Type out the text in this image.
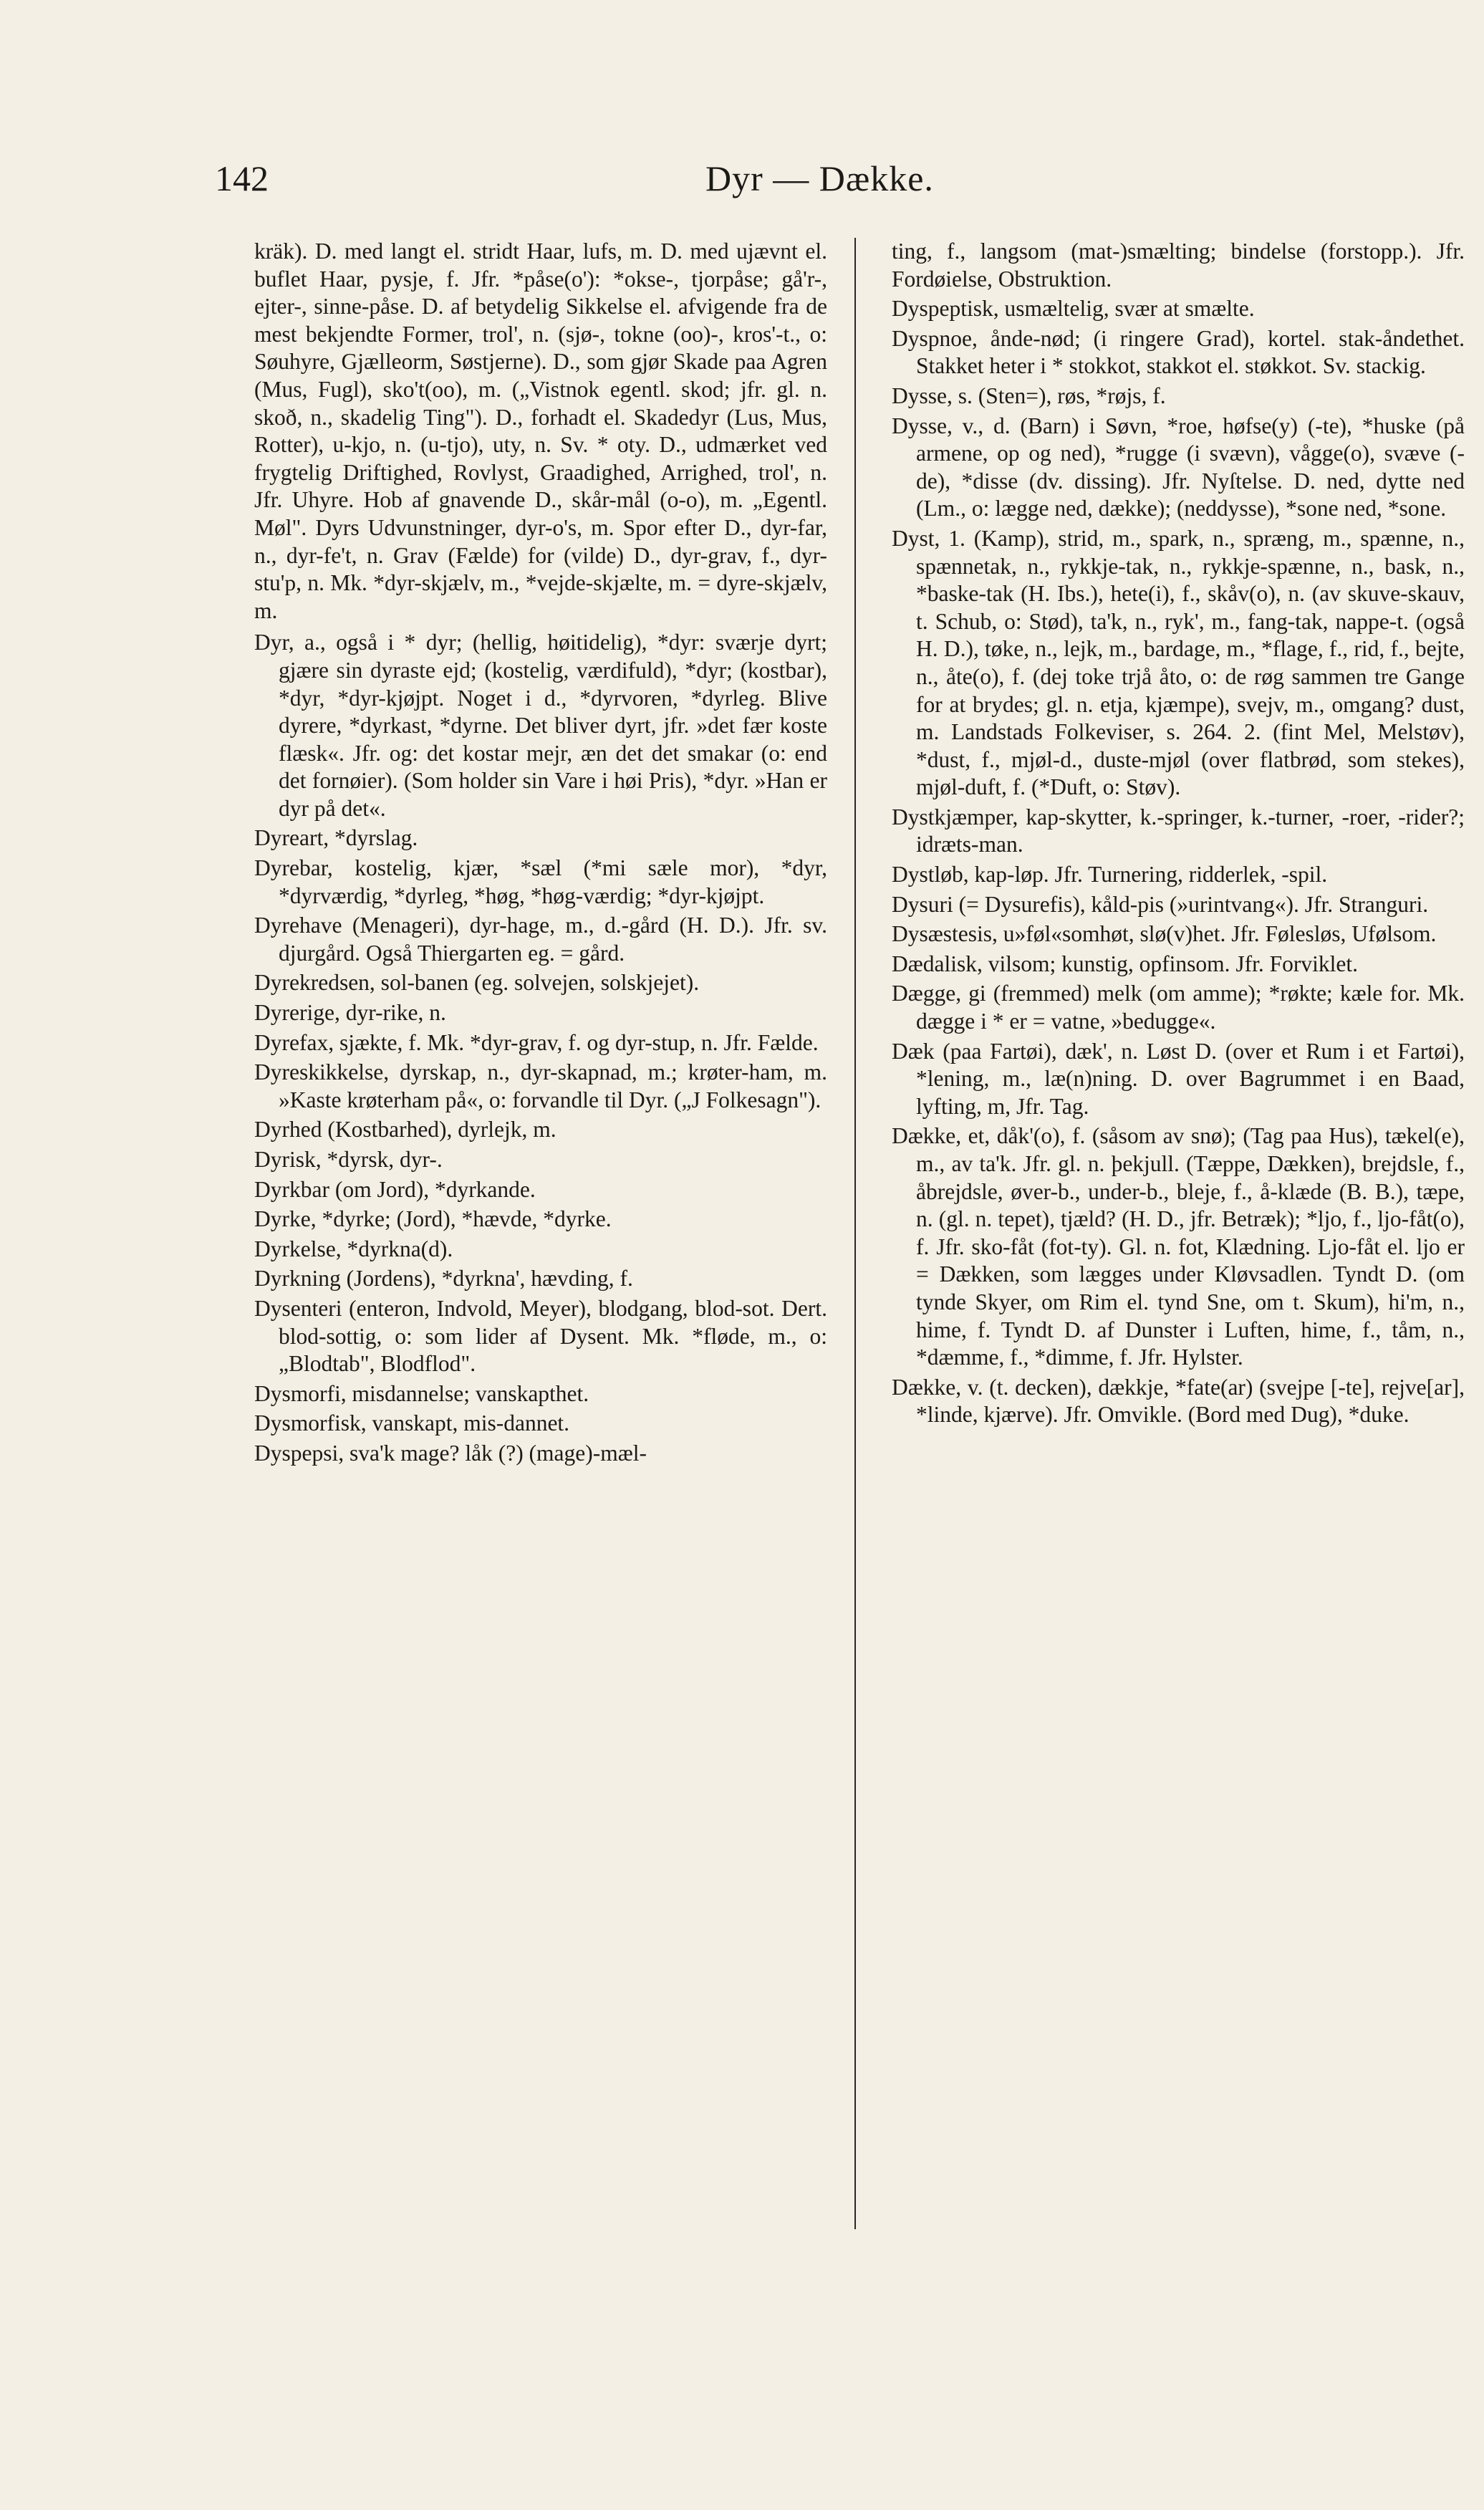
142	Dyr — Dække.

kräk). D. med langt el. stridt Haar, lufs, m. D. med ujævnt el. buflet Haar, pysje, f. Jfr. *påse(o'): *okse-, tjorpåse; gå'r-, ejter-, sinne-påse. D. af betydelig Sikkelse el. afvigende fra de mest bekjendte Former, trol', n. (sjø-, tokne (oo)-, kros'-t., o: Søuhyre, Gjælleorm, Søstjerne). D., som gjør Skade paa Agren (Mus, Fugl), sko't(oo), m. („Vistnok egentl. skod; jfr. gl. n. skoð, n., skadelig Ting"). D., forhadt el. Skadedyr (Lus, Mus, Rotter), u-kjo, n. (u-tjo), uty, n. Sv. * oty. D., udmærket ved frygtelig Driftighed, Rovlyst, Graadighed, Arrighed, trol', n. Jfr. Uhyre. Hob af gnavende D., skår-mål (o-o), m. „Egentl. Møl". Dyrs Udvunstninger, dyr-o's, m. Spor efter D., dyr-far, n., dyr-fe't, n. Grav (Fælde) for (vilde) D., dyr-grav, f., dyr-stu'p, n. Mk. *dyr-skjælv, m., *vejde-skjælte, m. = dyre-skjælv, m.

Dyr, a., også i * dyr; (hellig, høitidelig), *dyr: sværje dyrt; gjære sin dyraste ejd; (kostelig, værdifuld), *dyr; (kostbar), *dyr, *dyr-kjøjpt. Noget i d., *dyrvoren, *dyrleg. Blive dyrere, *dyrkast, *dyrne. Det bliver dyrt, jfr. »det fær koste flæsk«. Jfr. og: det kostar mejr, æn det det smakar (o: end det fornøier). (Som holder sin Vare i høi Pris), *dyr. »Han er dyr på det«.

Dyreart, *dyrslag.

Dyrebar, kostelig, kjær, *sæl (*mi sæle mor), *dyr, *dyrværdig, *dyrleg, *høg, *høg-værdig; *dyr-kjøjpt.

Dyrehave (Menageri), dyr-hage, m., d.-gård (H. D.). Jfr. sv. djurgård. Også Thiergarten eg. = gård.

Dyrekredsen, sol-banen (eg. solvejen, solskjejet).

Dyrerige, dyr-rike, n.

Dyrefax, sjækte, f. Mk. *dyr-grav, f. og dyr-stup, n. Jfr. Fælde.

Dyreskikkelse, dyrskap, n., dyr-skapnad, m.; krøter-ham, m. »Kaste krøterham på«, o: forvandle til Dyr. („J Folkesagn").

Dyrhed (Kostbarhed), dyrlejk, m.

Dyrisk, *dyrsk, dyr-.

Dyrkbar (om Jord), *dyrkande.

Dyrke, *dyrke; (Jord), *hævde, *dyrke.

Dyrkelse, *dyrkna(d).

Dyrkning (Jordens), *dyrkna', hævding, f.

Dysenteri (enteron, Indvold, Meyer), blodgang, blod-sot. Dert. blod-sottig, o: som lider af Dysent. Mk. *fløde, m., o: „Blodtab", Blodflod".

Dysmorfi, misdannelse; vanskapthet.

Dysmorfisk, vanskapt, mis-dannet.

Dyspepsi, sva'k mage? låk (?) (mage)-mæl-

ting, f., langsom (mat-)smælting; bindelse (forstopp.). Jfr. Fordøielse, Obstruktion.

Dyspeptisk, usmæltelig, svær at smælte.

Dyspnoe, ånde-nød; (i ringere Grad), kortel. stak-åndethet. Stakket heter i * stokkot, stakkot el. støkkot. Sv. stackig.

Dysse, s. (Sten=), røs, *røjs, f.

Dysse, v., d. (Barn) i Søvn, *roe, høfse(y) (-te), *huske (på armene, op og ned), *rugge (i svævn), vågge(o), svæve (-de), *disse (dv. dissing). Jfr. Nyſtelse. D. ned, dytte ned (Lm., o: lægge ned, dække); (neddysse), *sone ned, *sone.

Dyst, 1. (Kamp), strid, m., spark, n., spræng, m., spænne, n., spænnetak, n., rykkje-tak, n., rykkje-spænne, n., bask, n., *baske-tak (H. Ibs.), hete(i), f., skåv(o), n. (av skuve-skauv, t. Schub, o: Stød), ta'k, n., ryk', m., fang-tak, nappe-t. (også H. D.), tøke, n., lejk, m., bardage, m., *flage, f., rid, f., bejte, n., åte(o), f. (dej toke trjå åto, o: de røg sammen tre Gange for at brydes; gl. n. etja, kjæmpe), svejv, m., omgang? dust, m. Landstads Folkeviser, s. 264. 2. (fint Mel, Melstøv), *dust, f., mjøl-d., duste-mjøl (over flatbrød, som stekes), mjøl-duft, f. (*Duft, o: Støv).

Dystkjæmper, kap-skytter, k.-springer, k.-turner, -roer, -rider?; idræts-man.

Dystløb, kap-løp. Jfr. Turnering, ridderlek, -spil.

Dysuri (= Dysurefis), kåld-pis (»urintvang«). Jfr. Stranguri.

Dysæstesis, u»føl«somhøt, slø(v)het. Jfr. Følesløs, Ufølsom.

Dædalisk, vilsom; kunstig, opfinsom. Jfr. Forviklet.

Dægge, gi (fremmed) melk (om amme); *røkte; kæle for. Mk. dægge i * er = vatne, »bedugge«.

Dæk (paa Fartøi), dæk', n. Løst D. (over et Rum i et Fartøi), *lening, m., læ(n)ning. D. over Bagrummet i en Baad, lyfting, m, Jfr. Tag.

Dække, et, dåk'(o), f. (såsom av snø); (Tag paa Hus), tækel(e), m., av ta'k. Jfr. gl. n. þekjull. (Tæppe, Dækken), brejdsle, f., åbrejdsle, øver-b., under-b., bleje, f., å-klæde (B. B.), tæpe, n. (gl. n. tepet), tjæld? (H. D., jfr. Betræk); *ljo, f., ljo-fåt(o), f. Jfr. sko-fåt (fot-ty). Gl. n. fot, Klædning. Ljo-fåt el. ljo er = Dækken, som lægges under Kløvsadlen. Tyndt D. (om tynde Skyer, om Rim el. tynd Sne, om t. Skum), hi'm, n., hime, f. Tyndt D. af Dunster i Luften, hime, f., tåm, n., *dæmme, f., *dimme, f. Jfr. Hylster.

Dække, v. (t. decken), dækkje, *fate(ar) (svejpe [-te], rejve[ar], *linde, kjærve). Jfr. Omvikle. (Bord med Dug), *duke.
